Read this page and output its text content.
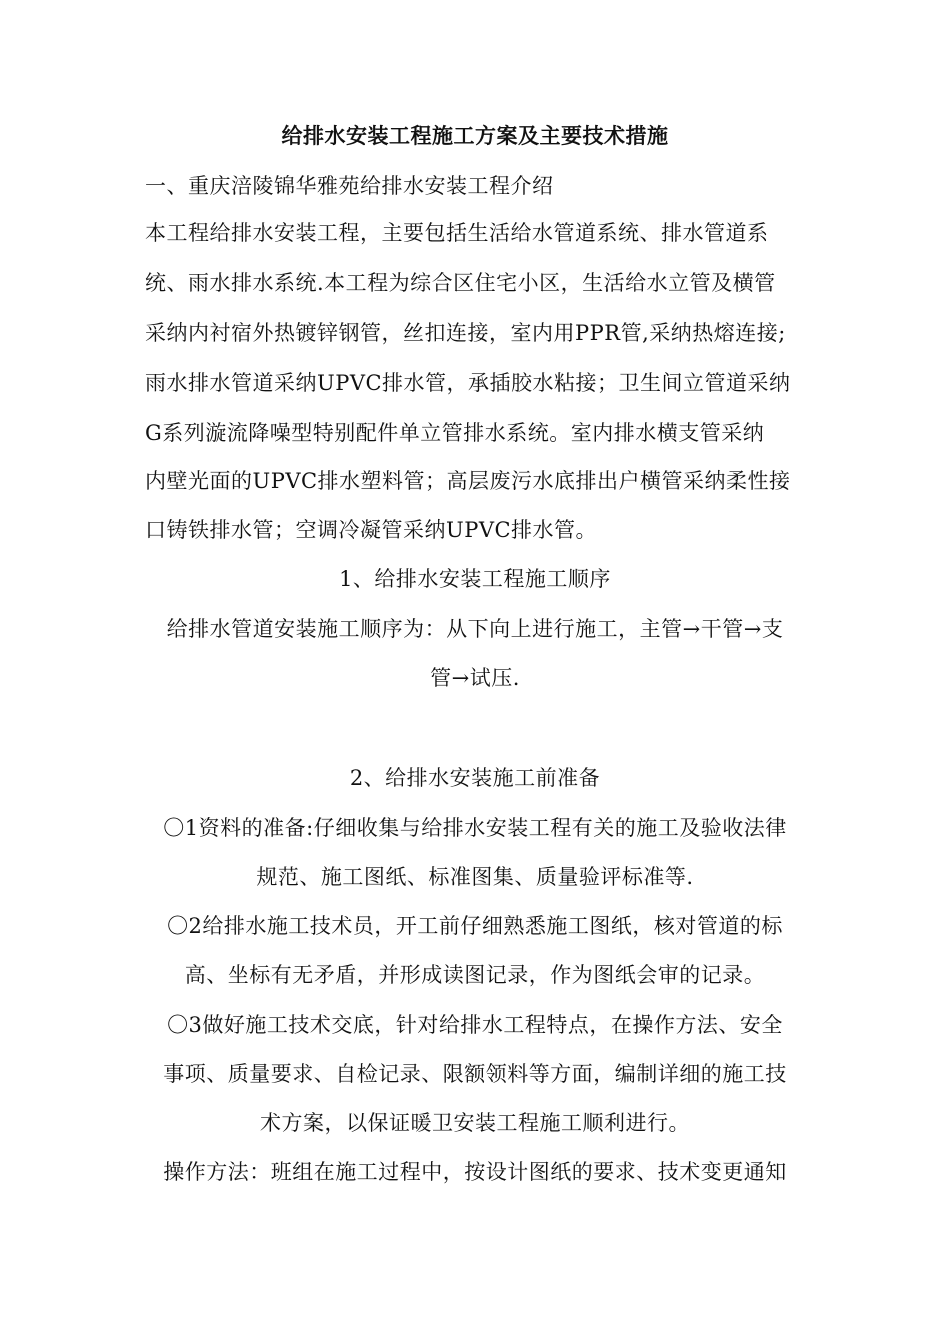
给排水安装工程施工方案及主要技术措施
一、重庆涪陵锦华雅苑给排水安装工程介绍
本工程给排水安装工程，主要包括生活给水管道系统、排水管道系
统、雨水排水系统.本工程为综合区住宅小区，生活给水立管及横管
采纳内衬宿外热镀锌钢管，丝扣连接，室内用PPR管,采纳热熔连接;
雨水排水管道采纳UPVC排水管，承插胶水粘接；卫生间立管道采纳
G系列漩流降噪型特别配件单立管排水系统。室内排水横支管采纳
内壁光面的UPVC排水塑料管；高层废污水底排出户横管采纳柔性接
口铸铁排水管；空调冷凝管采纳UPVC排水管。
1、给排水安装工程施工顺序
给排水管道安装施工顺序为：从下向上进行施工，主管→干管→支
管→试压.
2、给排水安装施工前准备
〇1资料的准备:仔细收集与给排水安装工程有关的施工及验收法律
规范、施工图纸、标准图集、质量验评标准等.
〇2给排水施工技术员，开工前仔细熟悉施工图纸，核对管道的标
高、坐标有无矛盾，并形成读图记录，作为图纸会审的记录。
〇3做好施工技术交底，针对给排水工程特点，在操作方法、安全
事项、质量要求、自检记录、限额领料等方面，编制详细的施工技
术方案，以保证暖卫安装工程施工顺利进行。
操作方法：班组在施工过程中，按设计图纸的要求、技术变更通知
